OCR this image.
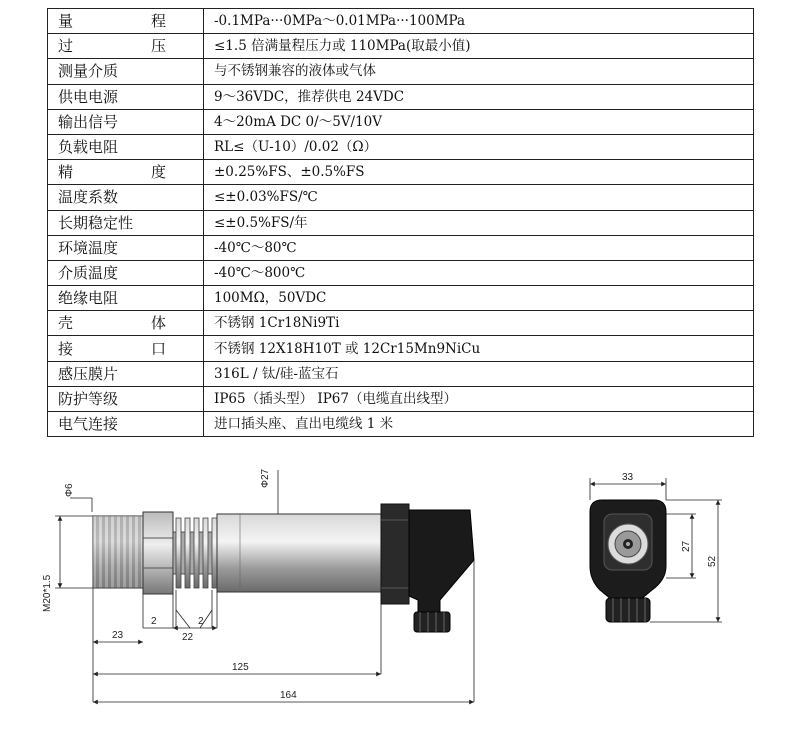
量 程	-0.1MPa···0MPa～0.01MPa···100MPa

过 压	≤1.5 倍满量程压力或 110MPa(取最小值)
测量介质	与不锈钢兼容的液体或气体
供电电源	9～36VDC，推荐供电 24VDC
输出信号	4～20mA DC 0/～5V/10V
负载电阻	RL≤（U-10）/0.02（Ω）

精 度	±0.25%FS、±0.5%FS
温度系数	≤±0.03%FS/℃
长期稳定性	≤±0.5%FS/年
环境温度	-40℃～80℃
介质温度	-40℃～800℃
绝缘电阻	100MΩ，50VDC

壳 体	不锈钢 1Cr18Ni9Ti

接 口	不锈钢 12X18H10T 或 12Cr15Mn9NiCu
感压膜片	316L / 钛/硅-蓝宝石
防护等级	IP65（插头型） IP67（电缆直出线型）
电气连接	进口插头座、直出电缆线 1 米
Φ6
Φ27
M20*1.5
23
2	2
22
125
164
33
27
52
